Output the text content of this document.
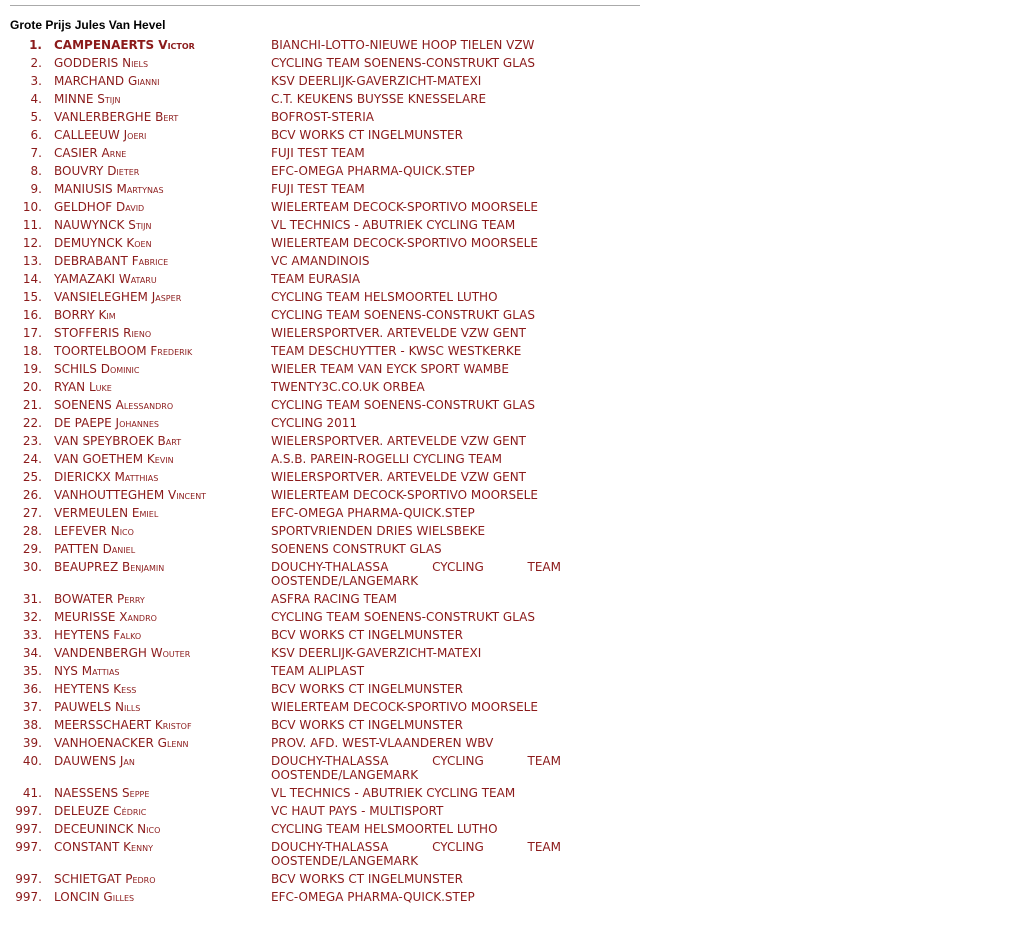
Grote Prijs Jules Van Hevel
1.	CAMPENAERTS Victor	BIANCHI-LOTTO-NIEUWE HOOP TIELEN VZW
2.	GODDERIS Niels	CYCLING TEAM SOENENS-CONSTRUKT GLAS
3.	MARCHAND Gianni	KSV DEERLIJK-GAVERZICHT-MATEXI
4.	MINNE Stijn	C.T. KEUKENS BUYSSE KNESSELARE
5.	VANLERBERGHE Bert	BOFROST-STERIA
6.	CALLEEUW Joeri	BCV WORKS CT INGELMUNSTER
7.	CASIER Arne	FUJI TEST TEAM
8.	BOUVRY Dieter	EFC-OMEGA PHARMA-QUICK.STEP
9.	MANIUSIS Martynas	FUJI TEST TEAM
10.	GELDHOF David	WIELERTEAM DECOCK-SPORTIVO MOORSELE
11.	NAUWYNCK Stijn	VL TECHNICS - ABUTRIEK CYCLING TEAM
12.	DEMUYNCK Koen	WIELERTEAM DECOCK-SPORTIVO MOORSELE
13.	DEBRABANT Fabrice	VC AMANDINOIS
14.	YAMAZAKI Wataru	TEAM EURASIA
15.	VANSIELEGHEM Jasper	CYCLING TEAM HELSMOORTEL LUTHO
16.	BORRY Kim	CYCLING TEAM SOENENS-CONSTRUKT GLAS
17.	STOFFERIS Rieno	WIELERSPORTVER. ARTEVELDE VZW GENT
18.	TOORTELBOOM Frederik	TEAM DESCHUYTTER - KWSC WESTKERKE
19.	SCHILS Dominic	WIELER TEAM VAN EYCK SPORT WAMBE
20.	RYAN Luke	TWENTY3C.CO.UK ORBEA
21.	SOENENS Alessandro	CYCLING TEAM SOENENS-CONSTRUKT GLAS
22.	DE PAEPE Johannes	CYCLING 2011
23.	VAN SPEYBROEK Bart	WIELERSPORTVER. ARTEVELDE VZW GENT
24.	VAN GOETHEM Kevin	A.S.B. PAREIN-ROGELLI CYCLING TEAM
25.	DIERICKX Matthias	WIELERSPORTVER. ARTEVELDE VZW GENT
26.	VANHOUTTEGHEM Vincent	WIELERTEAM DECOCK-SPORTIVO MOORSELE
27.	VERMEULEN Emiel	EFC-OMEGA PHARMA-QUICK.STEP
28.	LEFEVER Nico	SPORTVRIENDEN DRIES WIELSBEKE
29.	PATTEN Daniel	SOENENS CONSTRUKT GLAS
30.	BEAUPREZ Benjamin	DOUCHY-THALASSA CYCLING TEAM OOSTENDE/LANGEMARK
31.	BOWATER Perry	ASFRA RACING TEAM
32.	MEURISSE Xandro	CYCLING TEAM SOENENS-CONSTRUKT GLAS
33.	HEYTENS Falko	BCV WORKS CT INGELMUNSTER
34.	VANDENBERGH Wouter	KSV DEERLIJK-GAVERZICHT-MATEXI
35.	NYS Mattias	TEAM ALIPLAST
36.	HEYTENS Kess	BCV WORKS CT INGELMUNSTER
37.	PAUWELS Nills	WIELERTEAM DECOCK-SPORTIVO MOORSELE
38.	MEERSSCHAERT Kristof	BCV WORKS CT INGELMUNSTER
39.	VANHOENACKER Glenn	PROV. AFD. WEST-VLAANDEREN WBV
40.	DAUWENS Jan	DOUCHY-THALASSA CYCLING TEAM OOSTENDE/LANGEMARK
41.	NAESSENS Seppe	VL TECHNICS - ABUTRIEK CYCLING TEAM
997.	DELEUZE Cédric	VC HAUT PAYS - MULTISPORT
997.	DECEUNINCK Nico	CYCLING TEAM HELSMOORTEL LUTHO
997.	CONSTANT Kenny	DOUCHY-THALASSA CYCLING TEAM OOSTENDE/LANGEMARK
997.	SCHIETGAT Pedro	BCV WORKS CT INGELMUNSTER
997.	LONCIN Gilles	EFC-OMEGA PHARMA-QUICK.STEP
